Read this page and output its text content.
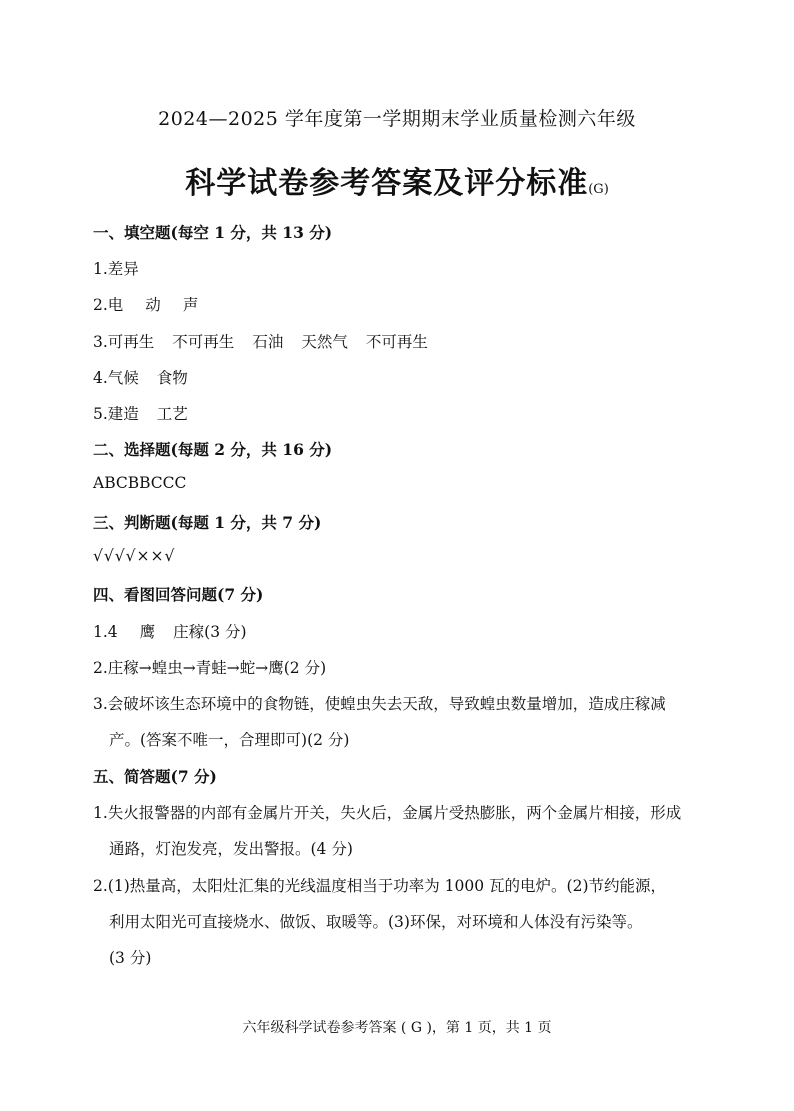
2024—2025 学年度第一学期期末学业质量检测六年级
科学试卷参考答案及评分标准(G)
一、填空题(每空 1 分，共 13 分)
1.差异
2.电 动 声
3.可再生 不可再生 石油 天然气 不可再生
4.气候 食物
5.建造 工艺
二、选择题(每题 2 分，共 16 分)
ABCBBCCC
三、判断题(每题 1 分，共 7 分)
√√√√××√
四、看图回答问题(7 分)
1.4 鹰 庄稼(3 分)
2.庄稼→蝗虫→青蛙→蛇→鹰(2 分)
3.会破坏该生态环境中的食物链，使蝗虫失去天敌，导致蝗虫数量增加，造成庄稼减
产。(答案不唯一，合理即可)(2 分)
五、简答题(7 分)
1.失火报警器的内部有金属片开关，失火后，金属片受热膨胀，两个金属片相接，形成
通路，灯泡发亮，发出警报。(4 分)
2.(1)热量高，太阳灶汇集的光线温度相当于功率为 1000 瓦的电炉。(2)节约能源，
利用太阳光可直接烧水、做饭、取暖等。(3)环保，对环境和人体没有污染等。
(3 分)
六年级科学试卷参考答案 ( G )，第 1 页，共 1 页
